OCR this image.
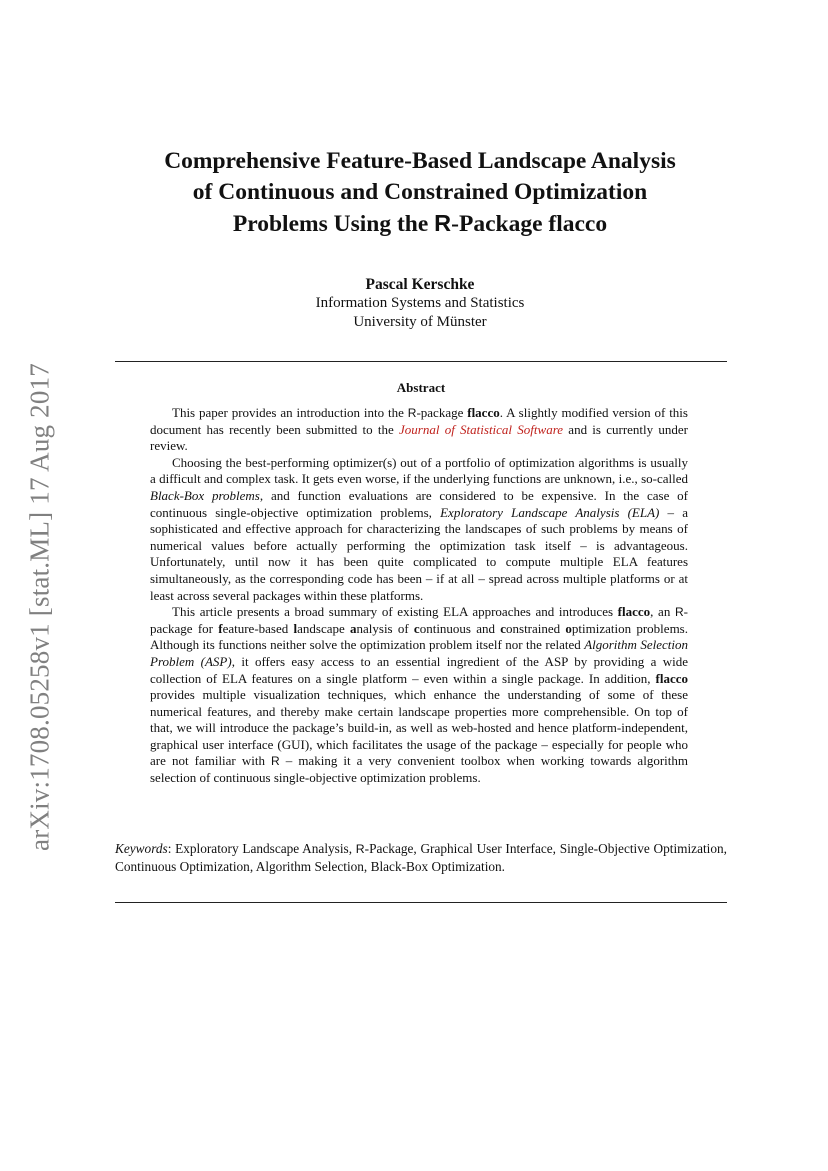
arXiv:1708.05258v1 [stat.ML] 17 Aug 2017
Comprehensive Feature-Based Landscape Analysis
of Continuous and Constrained Optimization
Problems Using the R-Package flacco
Pascal Kerschke
Information Systems and Statistics
University of Münster
Abstract

This paper provides an introduction into the R-package flacco. A slightly modified version of this document has recently been submitted to the Journal of Statistical Software and is currently under review.

Choosing the best-performing optimizer(s) out of a portfolio of optimization algorithms is usually a difficult and complex task. It gets even worse, if the underlying functions are unknown, i.e., so-called Black-Box problems, and function evaluations are considered to be expensive. In the case of continuous single-objective optimization problems, Exploratory Landscape Analysis (ELA) – a sophisticated and effective approach for characterizing the landscapes of such problems by means of numerical values before actually performing the optimization task itself – is advantageous. Unfortunately, until now it has been quite complicated to compute multiple ELA features simultaneously, as the corresponding code has been – if at all – spread across multiple platforms or at least across several packages within these platforms.

This article presents a broad summary of existing ELA approaches and introduces flacco, an R-package for feature-based landscape analysis of continuous and constrained optimization problems. Although its functions neither solve the optimization problem itself nor the related Algorithm Selection Problem (ASP), it offers easy access to an essential ingredient of the ASP by providing a wide collection of ELA features on a single platform – even within a single package. In addition, flacco provides multiple visualization techniques, which enhance the understanding of some of these numerical features, and thereby make certain landscape properties more comprehensible. On top of that, we will introduce the package’s build-in, as well as web-hosted and hence platform-independent, graphical user interface (GUI), which facilitates the usage of the package – especially for people who are not familiar with R – making it a very convenient toolbox when working towards algorithm selection of continuous single-objective optimization problems.

Keywords: Exploratory Landscape Analysis, R-Package, Graphical User Interface, Single-Objective Optimization, Continuous Optimization, Algorithm Selection, Black-Box Optimization.
